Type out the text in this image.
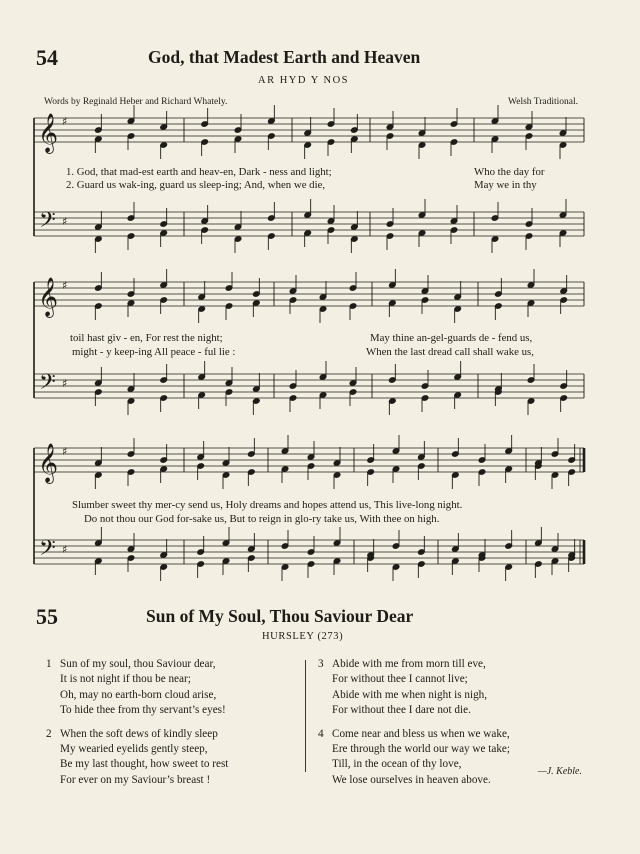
54	God, that Madest Earth and Heaven
AR HYD Y NOS
Words by Reginald Heber and Richard Whately.	Welsh Traditional.
𝄞
𝄢
♯
♯
𝄞
𝄢
♯
♯
𝄞
𝄢
♯
♯
1. God, that mad-est earth and heav-en, Dark - ness and light;	Who the day for
2. Guard us wak-ing, guard us sleep-ing; And, when we die,	May we in thy
toil hast giv - en, For rest the night;	May thine an-gel-guards de - fend us,
might - y keep-ing All peace - ful lie :	When the last dread call shall wake us,
Slumber sweet thy mer-cy send us, Holy dreams and hopes attend us, This live-long night.
Do not thou our God for-sake us, But to reign in glo-ry take us, With thee on high.
55	Sun of My Soul, Thou Saviour Dear
HURSLEY (273)
1 Sun of my soul, thou Saviour dear,
It is not night if thou be near;
Oh, may no earth-born cloud arise,
To hide thee from thy servant’s eyes!
2 When the soft dews of kindly sleep
My wearied eyelids gently steep,
Be my last thought, how sweet to rest
For ever on my Saviour’s breast !
3 Abide with me from morn till eve,
For without thee I cannot live;
Abide with me when night is nigh,
For without thee I dare not die.
4 Come near and bless us when we wake,
Ere through the world our way we take;
Till, in the ocean of thy love,
We lose ourselves in heaven above.
—J. Keble.
